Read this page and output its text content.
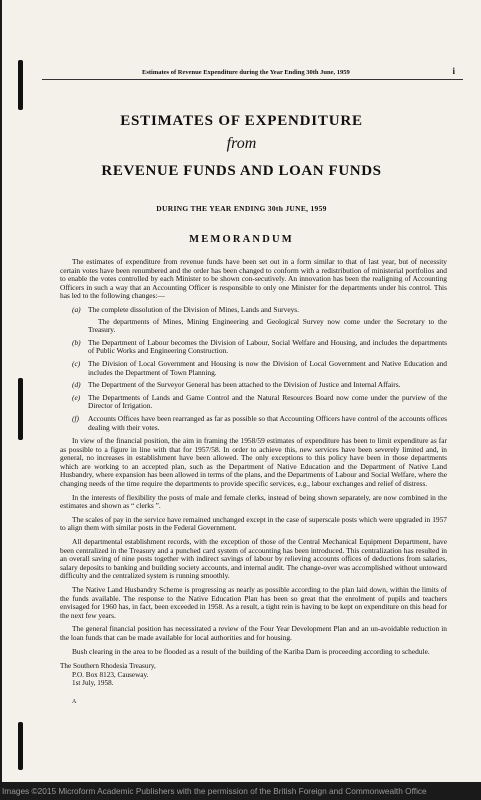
Estimates of Revenue Expenditure during the Year Ending 30th June, 1959	i
ESTIMATES OF EXPENDITURE
from
REVENUE FUNDS AND LOAN FUNDS
DURING THE YEAR ENDING 30th JUNE, 1959
MEMORANDUM

The estimates of expenditure from revenue funds have been set out in a form similar to that of last year, but of necessity certain votes have been renumbered and the order has been changed to conform with a redistribution of ministerial portfolios and to enable the votes controlled by each Minister to be shown con-secutively. An innovation has been the realigning of Accounting Officers in such a way that an Accounting Officer is responsible to only one Minister for the departments under his control. This has led to the following changes:—

(a) The complete dissolution of the Division of Mines, Lands and Surveys.
The departments of Mines, Mining Engineering and Geological Survey now come under the Secretary to the Treasury.
(b) The Department of Labour becomes the Division of Labour, Social Welfare and Housing, and includes the departments of Public Works and Engineering Construction.
(c)	The Division of Local Government and Housing is now the Division of Local Government and Native Education and includes the Department of Town Planning.
(d) The Department of the Surveyor General has been attached to the Division of Justice and Internal Affairs.
(e)	The Departments of Lands and Game Control and the Natural Resources Board now come under the purview of the Director of Irrigation.
(f)	Accounts Offices have been rearranged as far as possible so that Accounting Officers have control of the accounts offices dealing with their votes.

In view of the financial position, the aim in framing the 1958/59 estimates of expenditure has been to limit expenditure as far as possible to a figure in line with that for 1957/58. In order to achieve this, new services have been severely limited and, in general, no increases in establishment have been allowed. The only exceptions to this policy have been in those departments which are working to an accepted plan, such as the Department of Native Education and the Department of Native Land Husbandry, where expansion has been allowed in terms of the plans, and the Departments of Labour and Social Welfare, where the changing needs of the time require the departments to provide specific services, e.g., labour exchanges and relief of distress.

In the interests of flexibility the posts of male and female clerks, instead of being shown separately, are now combined in the estimates and shown as “ clerks ”.

The scales of pay in the service have remained unchanged except in the case of superscale posts which were upgraded in 1957 to align them with similar posts in the Federal Government.

All departmental establishment records, with the exception of those of the Central Mechanical Equipment Department, have been centralized in the Treasury and a punched card system of accounting has been introduced. This centralization has resulted in an overall saving of nine posts together with indirect savings of labour by relieving accounts offices of deductions from salaries, salary deposits to banking and building society accounts, and internal audit. The change-over was accomplished without untoward difficulty and the centralized system is running smoothly.

The Native Land Husbandry Scheme is progressing as nearly as possible according to the plan laid down, within the limits of the funds available. The response to the Native Education Plan has been so great that the enrolment of pupils and teachers envisaged for 1960 has, in fact, been exceeded in 1958. As a result, a tight rein is having to be kept on expenditure on this head for the next few years.

The general financial position has necessitated a review of the Four Year Development Plan and an un-avoidable reduction in the loan funds that can be made available for local authorities and for housing.

Bush clearing in the area to be flooded as a result of the building of the Kariba Dam is proceeding according to schedule.

The Southern Rhodesia Treasury,
P.O. Box 8123, Causeway.
1st July, 1958.
A
Images ©2015 Microform Academic Publishers with the permission of the British Foreign and Commonwealth Office
